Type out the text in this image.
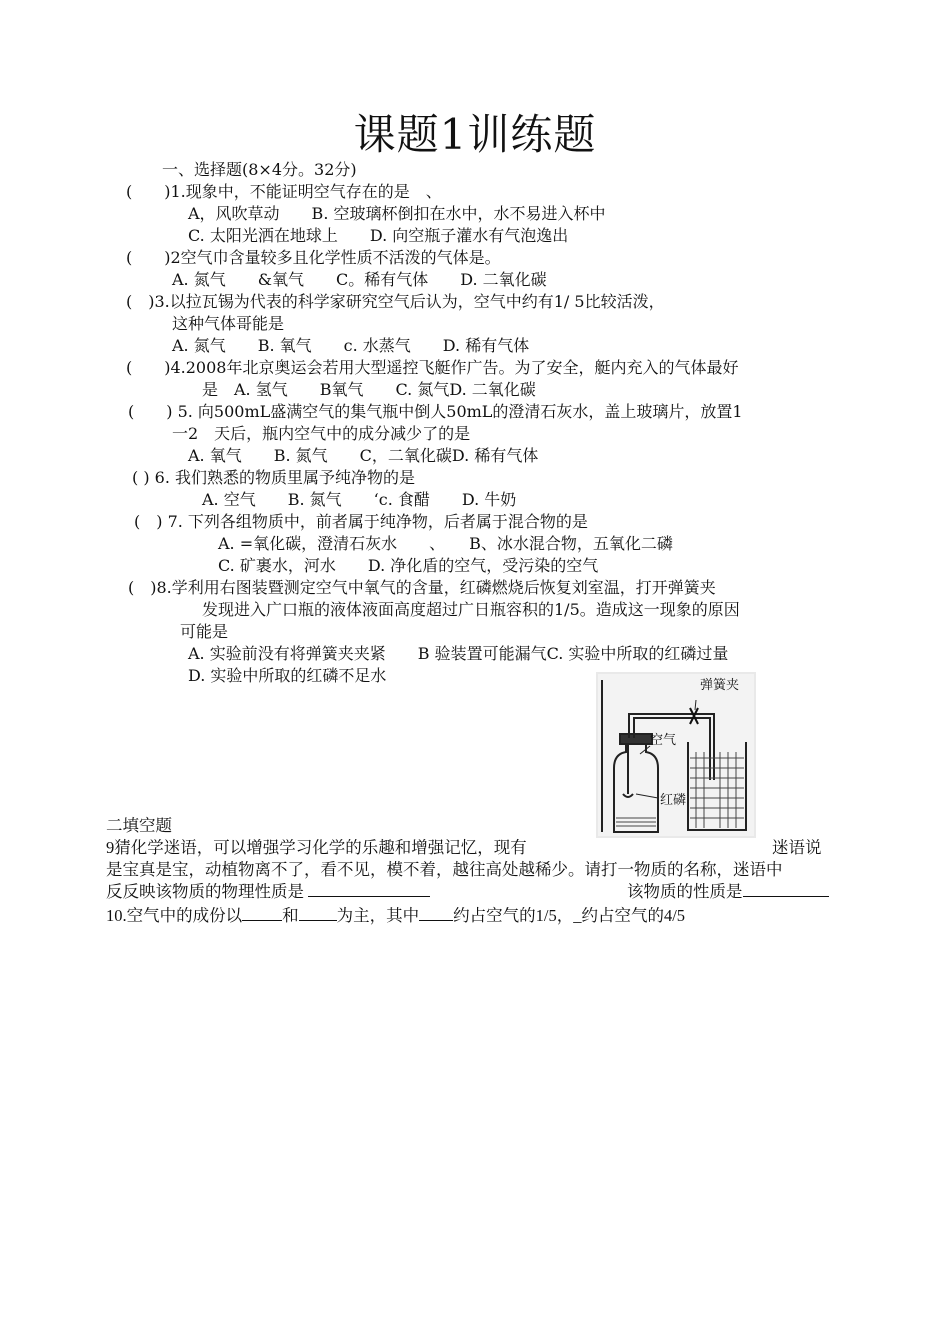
课题1训练题
一、选择题(8×4分。32分)
(　　)1.现象中，不能证明空气存在的是　、
A，风吹草动　　B. 空玻璃杯倒扣在水中，水不易进入杯中
C. 太阳光洒在地球上　　D. 向空瓶子灌水有气泡逸出
(　　)2空气巾含量较多且化学性质不活泼的气体是。
A. 氮气　　&氧气　　C。稀有气体　　D. 二氧化碳
(　)3.以拉瓦锡为代表的科学家研究空气后认为，空气中约有1/ 5比较活泼，
这种气体哥能是
A. 氮气　　B. 氧气　　c. 水蒸气　　D. 稀有气体
(　　)4.2008年北京奥运会若用大型遥控飞艇作广告。为了安全，艇内充入的气体最好
是　A. 氢气　　B氧气　　C. 氮气D. 二氧化碳
(　　) 5. 向500mL盛满空气的集气瓶中倒人50mL的澄清石灰水，盖上玻璃片，放置1
一2　天后，瓶内空气中的成分减少了的是
A. 氧气　　B. 氮气　　C，二氧化碳D. 稀有气体
( ) 6. 我们熟悉的物质里属予纯净物的是
A. 空气　　B. 氮气　　‘c. 食醋　　D. 牛奶
(　) 7. 下列各组物质中，前者属于纯净物，后者属于混合物的是
A. =氧化碳，澄清石灰水　　、　　B、冰水混合物，五氧化二磷
C. 矿裹水，河水　　D. 净化盾的空气，受污染的空气
(　)8.学利用右图装暨测定空气中氧气的含量，红磷燃烧后恢复刘室温，打开弹簧夹
发现进入广口瓶的液体液面高度超过广日瓶容积的1/5。造成这一现象的原因
可能是
A. 实验前没有将弹簧夹夹紧　　B 验装置可能漏气C. 实验中所取的红磷过量
D. 实验中所取的红磷不足水
弹簧夹
空气
红磷
二填空题
9猜化学迷语，可以增强学习化学的乐趣和增强记忆，现有	迷语说
是宝真是宝，动植物离不了，看不见，模不着，越往高处越稀少。请打一物质的名称，迷语中
反反映该物质的物理性质是	该物质的性质是
10.空气中的成份以 和 为主，其中 约占空气的1/5，_约占空气的4/5
